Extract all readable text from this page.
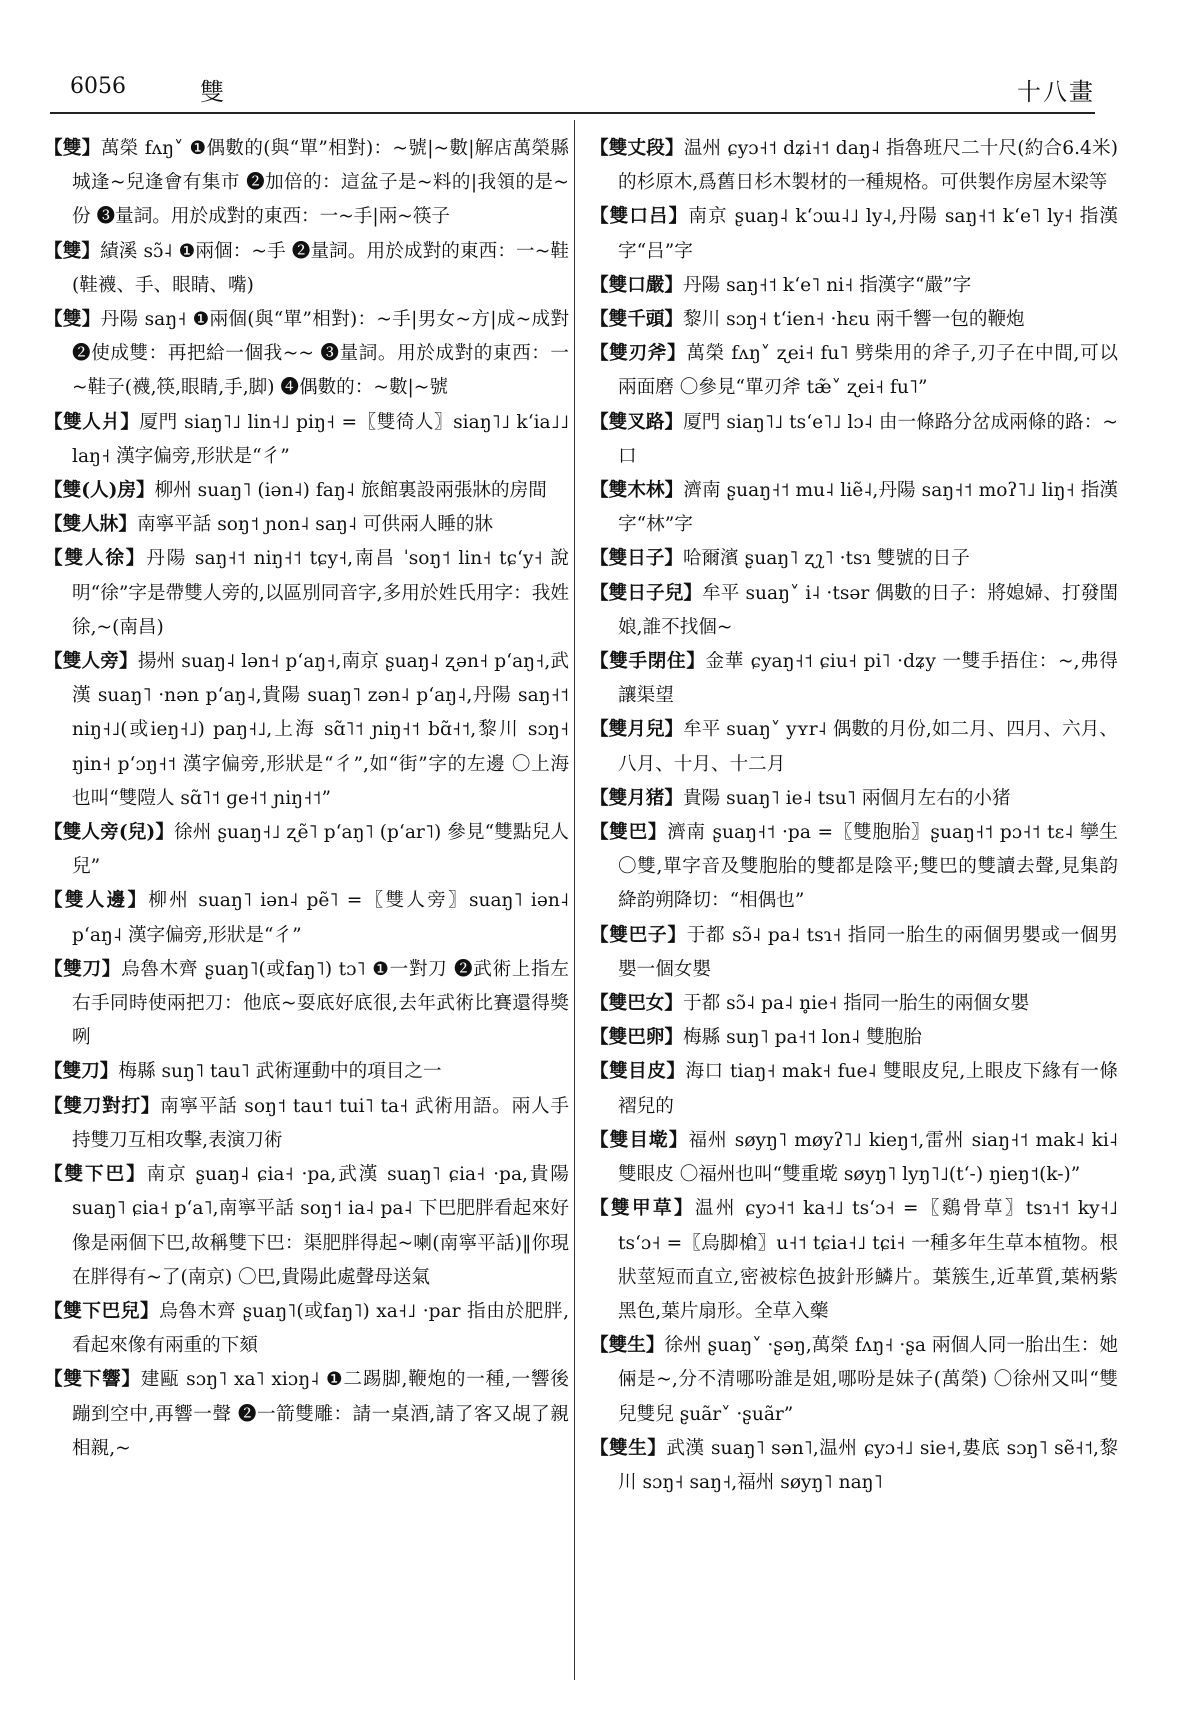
6056	雙	十八畫
【雙】萬榮 fʌŋ˅ ❶偶數的(與“單”相對)：~號|~數|解店萬榮縣城逢~兒逢會有集市 ❷加倍的：這盆子是~料的|我領的是~份 ❸量詞。用於成對的東西：一~手|兩~筷子
【雙】績溪 sɔ̃˨ ❶兩個：~手 ❷量詞。用於成對的東西：一~鞋(鞋襪、手、眼睛、嘴)
【雙】丹陽 saŋ˧ ❶兩個(與“單”相對)：~手|男女~方|成~成對 ❷使成雙：再把給一個我~~ ❸量詞。用於成對的東西：一~鞋子(襪,筷,眼睛,手,脚) ❹偶數的：~數|~號
【雙人爿】厦門 siaŋ˥˩ lin˧˩ piŋ˧ =〖雙徛人〗siaŋ˥˩ kʻia˩˩ laŋ˧ 漢字偏旁,形狀是“彳”
【雙(人)房】柳州 suaŋ˥ (iən˨) faŋ˨ 旅館裏設兩張牀的房間
【雙人牀】南寧平話 soŋ˦ ɲon˨ saŋ˨ 可供兩人睡的牀
【雙人徐】丹陽 saŋ˧˦ niŋ˧˦ tɕy˧,南昌 ˈsoŋ˦ lin˧ tɕʻy˧ 說明“徐”字是帶雙人旁的,以區別同音字,多用於姓氏用字：我姓徐,~(南昌)
【雙人旁】揚州 suaŋ˨ lən˧ pʻaŋ˧,南京 ʂuaŋ˨ ʐən˧ pʻaŋ˧,武漢 suaŋ˥ ·nən pʻaŋ˨,貴陽 suaŋ˥ zən˨ pʻaŋ˨,丹陽 saŋ˧˦ niŋ˧˩(或ieŋ˧˩) paŋ˧˩,上海 sɑ̃˥˦ ɲiŋ˧˦ bɑ̃˧˦,黎川 sɔŋ˧ ŋin˧ pʻɔŋ˧˦ 漢字偏旁,形狀是“彳”,如“街”字的左邊 〇上海也叫“雙隑人 sɑ̃˥˦ ɡe˧˦ ɲiŋ˧˦”
【雙人旁(兒)】徐州 ʂuaŋ˧˩ ʐẽ˥ pʻaŋ˥ (pʻar˥) 參見“雙點兒人兒”
【雙人邊】柳州 suaŋ˥ iən˨ pẽ˥ =〖雙人旁〗suaŋ˥ iən˨ pʻaŋ˨ 漢字偏旁,形狀是“彳”
【雙刀】烏魯木齊 ʂuaŋ˥(或faŋ˥) tɔ˥ ❶一對刀 ❷武術上指左右手同時使兩把刀：他底~耍底好底很,去年武術比賽還得獎咧
【雙刀】梅縣 suŋ˥ tau˥ 武術運動中的項目之一
【雙刀對打】南寧平話 soŋ˦ tau˦ tui˥ ta˧ 武術用語。兩人手持雙刀互相攻擊,表演刀術
【雙下巴】南京 ʂuaŋ˨ ɕia˧ ·pa,武漢 suaŋ˥ ɕia˧ ·pa,貴陽 suaŋ˥ ɕia˧ pʻa˥,南寧平話 soŋ˦ ia˨ pa˨ 下巴肥胖看起來好像是兩個下巴,故稱雙下巴：渠肥胖得起~喇(南寧平話)‖你現在胖得有~了(南京) 〇巴,貴陽此處聲母送氣
【雙下巴兒】烏魯木齊 ʂuaŋ˥(或faŋ˥) xa˧˩ ·par 指由於肥胖,看起來像有兩重的下頦
【雙下響】建甌 sɔŋ˥ xa˥ xiɔŋ˨ ❶二踢脚,鞭炮的一種,一響後蹦到空中,再響一聲 ❷一箭雙雕：請一桌酒,請了客又覘了親相親,~
【雙丈段】温州 ɕyɔ˧˦ dʑi˧˦ daŋ˨ 指魯班尺二十尺(約合6.4米)的杉原木,爲舊日杉木製材的一種規格。可供製作房屋木梁等
【雙口吕】南京 ʂuaŋ˨ kʻɔɯ˨˩ ly˨,丹陽 saŋ˧˦ kʻe˥ ly˧ 指漢字“吕”字
【雙口嚴】丹陽 saŋ˧˦ kʻe˥ ni˧ 指漢字“嚴”字
【雙千頭】黎川 sɔŋ˧ tʻien˧ ·hɛu 兩千響一包的鞭炮
【雙刃斧】萬榮 fʌŋ˅ ʐei˧ fu˥ 劈柴用的斧子,刃子在中間,可以兩面磨 〇參見“單刃斧 tæ̃˅ ʐei˧ fu˥”
【雙叉路】厦門 siaŋ˥˩ tsʻe˥˩ lɔ˨ 由一條路分岔成兩條的路：~口
【雙木林】濟南 ʂuaŋ˧˦ mu˨ liẽ˨,丹陽 saŋ˧˦ moʔ˥˩ liŋ˧ 指漢字“林”字
【雙日子】哈爾濱 ʂuaŋ˥ ʐʅ˥ ·tsɿ 雙號的日子
【雙日子兒】牟平 suaŋ˅ i˨ ·tsər 偶數的日子：將媳婦、打發閨娘,誰不找個~
【雙手閉住】金華 ɕyaŋ˧˦ ɕiu˧ pi˥ ·dʑy 一雙手捂住：~,弗得讓渠望
【雙月兒】牟平 suaŋ˅ yʏr˨ 偶數的月份,如二月、四月、六月、八月、十月、十二月
【雙月猪】貴陽 suaŋ˥ ie˨ tsu˥ 兩個月左右的小猪
【雙巴】濟南 ʂuaŋ˧˦ ·pa =〖雙胞胎〗ʂuaŋ˧˦ pɔ˧˦ tɛ˨ 孿生 〇雙,單字音及雙胞胎的雙都是陰平;雙巴的雙讀去聲,見集韵絳韵朔降切：“相偶也”
【雙巴子】于都 sɔ̃˨ pa˨ tsɿ˧ 指同一胎生的兩個男嬰或一個男嬰一個女嬰
【雙巴女】于都 sɔ̃˨ pa˨ n̥ie˧ 指同一胎生的兩個女嬰
【雙巴卵】梅縣 suŋ˥ pa˧˦ lon˨ 雙胞胎
【雙目皮】海口 tiaŋ˧ mak˧ fue˨ 雙眼皮兒,上眼皮下緣有一條褶兒的
【雙目墘】福州 søyŋ˥ møyʔ˥˩ kieŋ˦,雷州 siaŋ˧˦ mak˨ ki˨ 雙眼皮 〇福州也叫“雙重墘 søyŋ˥ lyŋ˥˩(tʻ-) ŋieŋ˦(k-)”
【雙甲草】温州 ɕyɔ˧˦ ka˧˩ tsʻɔ˧ =〖鷄骨草〗tsɿ˧˦ ky˧˩ tsʻɔ˧ =〖烏脚槍〗u˧˦ tɕia˧˩ tɕi˧ 一種多年生草本植物。根狀莖短而直立,密被棕色披針形鱗片。葉簇生,近革質,葉柄紫黑色,葉片扇形。全草入藥
【雙生】徐州 ʂuaŋ˅ ·ʂəŋ,萬榮 fʌŋ˧ ·ʂa 兩個人同一胎出生：她倆是~,分不清哪吩誰是姐,哪吩是妹子(萬榮) 〇徐州又叫“雙兒雙兒 ʂuãr˅ ·ʂuãr”
【雙生】武漢 suaŋ˥ sən˥,温州 ɕyɔ˧˩ sie˧,婁底 sɔŋ˥ sẽ˧˦,黎川 sɔŋ˧ saŋ˧,福州 søyŋ˥ naŋ˥
